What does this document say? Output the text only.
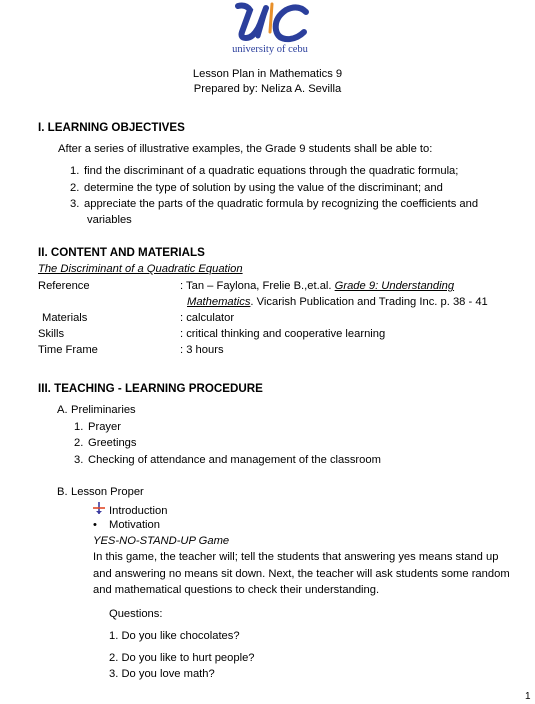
university of cebu
Lesson Plan in Mathematics 9
Prepared by: Neliza A. Sevilla
I. LEARNING OBJECTIVES
After a series of illustrative examples, the Grade 9 students shall be able to:
1. find the discriminant of a quadratic equations through the quadratic formula;
2. determine the type of solution by using the value of the discriminant; and
3. appreciate the parts of the quadratic formula by recognizing the coefficients and
variables
II. CONTENT AND MATERIALS
The Discriminant of a Quadratic Equation
Reference	: Tan – Faylona, Frelie B.,et.al. Grade 9: Understanding
Mathematics. Vicarish Publication and Trading Inc. p. 38 - 41
Materials	: calculator
Skills	: critical thinking and cooperative learning
Time Frame	: 3 hours
III. TEACHING - LEARNING PROCEDURE
A. Preliminaries
1. Prayer
2. Greetings
3. Checking of attendance and management of the classroom
B. Lesson Proper
Introduction
• Motivation
YES-NO-STAND-UP Game
In this game, the teacher will; tell the students that answering yes means stand up
and answering no means sit down. Next, the teacher will ask students some random
and mathematical questions to check their understanding.
Questions:
1. Do you like chocolates?
2. Do you like to hurt people?
3. Do you love math?
1
